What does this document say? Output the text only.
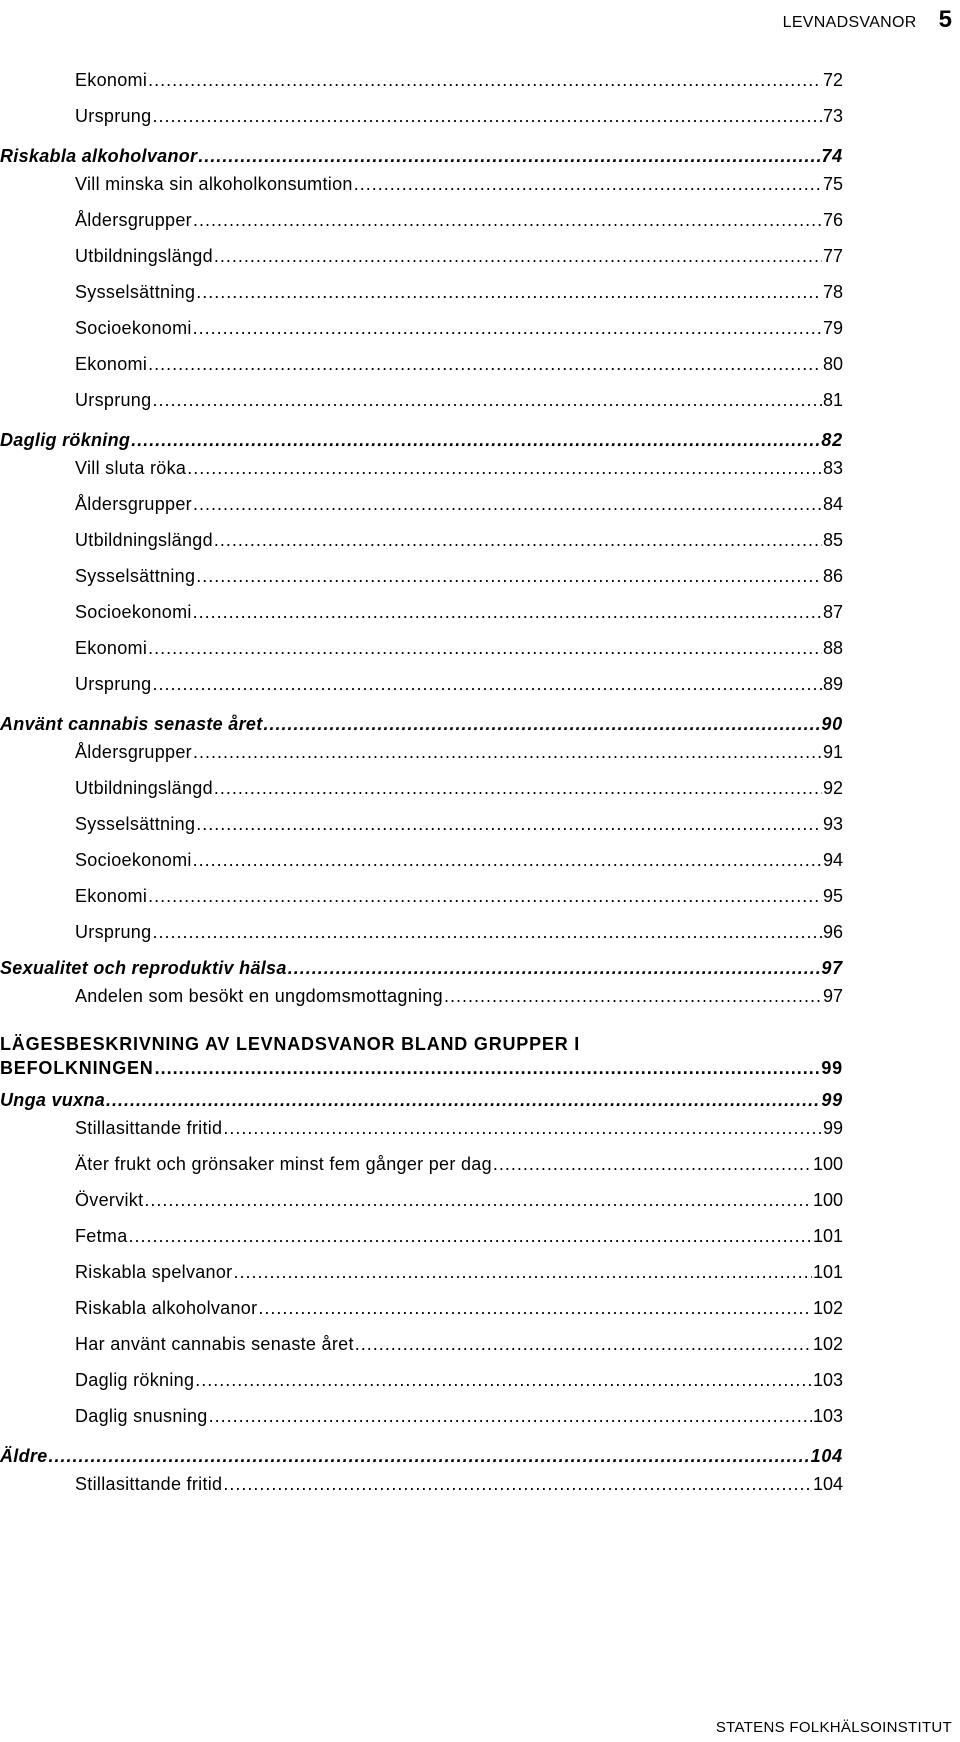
LEVNADSVANOR 5
Ekonomi .....	72
Ursprung .....	73
Riskabla alkoholvanor .....	74
Vill minska sin alkoholkonsumtion .....	75
Åldersgrupper .....	76
Utbildningslängd .....	77
Sysselsättning .....	78
Socioekonomi .....	79
Ekonomi .....	80
Ursprung .....	81
Daglig rökning .....	82
Vill sluta röka .....	83
Åldersgrupper .....	84
Utbildningslängd .....	85
Sysselsättning .....	86
Socioekonomi .....	87
Ekonomi .....	88
Ursprung .....	89
Använt cannabis senaste året .....	90
Åldersgrupper .....	91
Utbildningslängd .....	92
Sysselsättning .....	93
Socioekonomi .....	94
Ekonomi .....	95
Ursprung .....	96
Sexualitet och reproduktiv hälsa .....	97
Andelen som besökt en ungdomsmottagning .....	97
LÄGESBESKRIVNING AV LEVNADSVANOR BLAND GRUPPER I
BEFOLKNINGEN .....	99
Unga vuxna .....	99
Stillasittande fritid .....	99
Äter frukt och grönsaker minst fem gånger per dag .....	100
Övervikt .....	100
Fetma .....	101
Riskabla spelvanor .....	101
Riskabla alkoholvanor .....	102
Har använt cannabis senaste året .....	102
Daglig rökning .....	103
Daglig snusning .....	103
Äldre .....	104
Stillasittande fritid .....	104
STATENS FOLKHÄLSOINSTITUT
